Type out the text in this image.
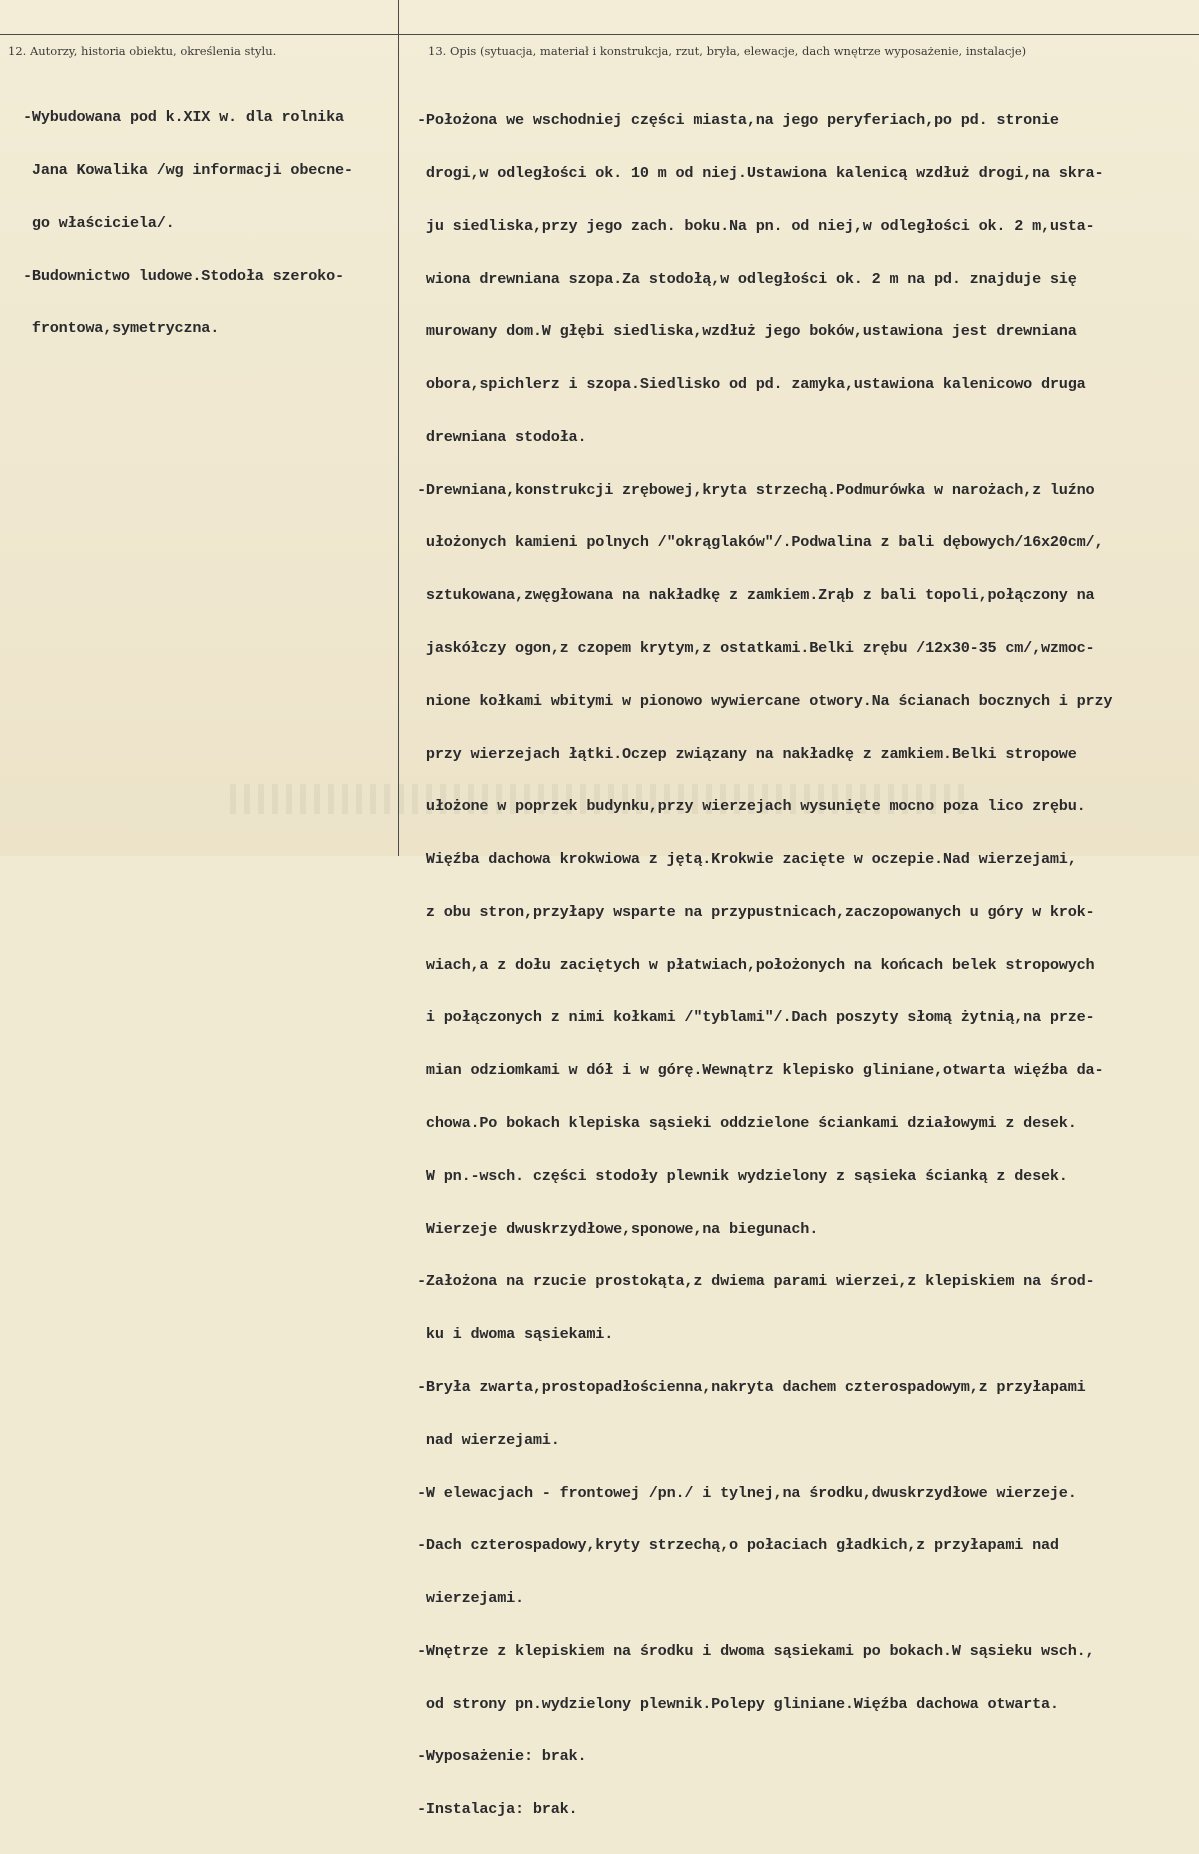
12. Autorzy, historia obiektu, określenia stylu.	13. Opis (sytuacja, materiał i konstrukcja, rzut, bryła, elewacje, dach wnętrze wyposażenie, instalacje)

-Wybudowana pod k.XIX w. dla rolnika

Jana Kowalika /wg informacji obecne-

go właściciela/.

-Budownictwo ludowe.Stodoła szeroko-

frontowa,symetryczna.

-Położona we wschodniej części miasta,na jego peryferiach,po pd. stronie

drogi,w odległości ok. 10 m od niej.Ustawiona kalenicą wzdłuż drogi,na skra-

ju siedliska,przy jego zach. boku.Na pn. od niej,w odległości ok. 2 m,usta-

wiona drewniana szopa.Za stodołą,w odległości ok. 2 m na pd. znajduje się

murowany dom.W głębi siedliska,wzdłuż jego boków,ustawiona jest drewniana

obora,spichlerz i szopa.Siedlisko od pd. zamyka,ustawiona kalenicowo druga

drewniana stodoła.

-Drewniana,konstrukcji zrębowej,kryta strzechą.Podmurówka w narożach,z luźno

ułożonych kamieni polnych /"okrąglaków"/.Podwalina z bali dębowych/16x20cm/,

sztukowana,zwęgłowana na nakładkę z zamkiem.Zrąb z bali topoli,połączony na

jaskółczy ogon,z czopem krytym,z ostatkami.Belki zrębu /12x30-35 cm/,wzmoc-

nione kołkami wbitymi w pionowo wywiercane otwory.Na ścianach bocznych i przy

przy wierzejach łątki.Oczep związany na nakładkę z zamkiem.Belki stropowe

ułożone w poprzek budynku,przy wierzejach wysunięte mocno poza lico zrębu.

Więźba dachowa krokwiowa z jętą.Krokwie zacięte w oczepie.Nad wierzejami,

z obu stron,przyłapy wsparte na przypustnicach,zaczopowanych u góry w krok-

wiach,a z dołu zaciętych w płatwiach,położonych na końcach belek stropowych

i połączonych z nimi kołkami /"tyblami"/.Dach poszyty słomą żytnią,na prze-

mian odziomkami w dół i w górę.Wewnątrz klepisko gliniane,otwarta więźba da-

chowa.Po bokach klepiska sąsieki oddzielone ściankami działowymi z desek.

W pn.-wsch. części stodoły plewnik wydzielony z sąsieka ścianką z desek.

Wierzeje dwuskrzydłowe,sponowe,na biegunach.

-Założona na rzucie prostokąta,z dwiema parami wierzei,z klepiskiem na środ-

ku i dwoma sąsiekami.

-Bryła zwarta,prostopadłościenna,nakryta dachem czterospadowym,z przyłapami

nad wierzejami.

-W elewacjach - frontowej /pn./ i tylnej,na środku,dwuskrzydłowe wierzeje.

-Dach czterospadowy,kryty strzechą,o połaciach gładkich,z przyłapami nad

wierzejami.

-Wnętrze z klepiskiem na środku i dwoma sąsiekami po bokach.W sąsieku wsch.,

od strony pn.wydzielony plewnik.Polepy gliniane.Więźba dachowa otwarta.

-Wyposażenie: brak.

-Instalacja: brak.
